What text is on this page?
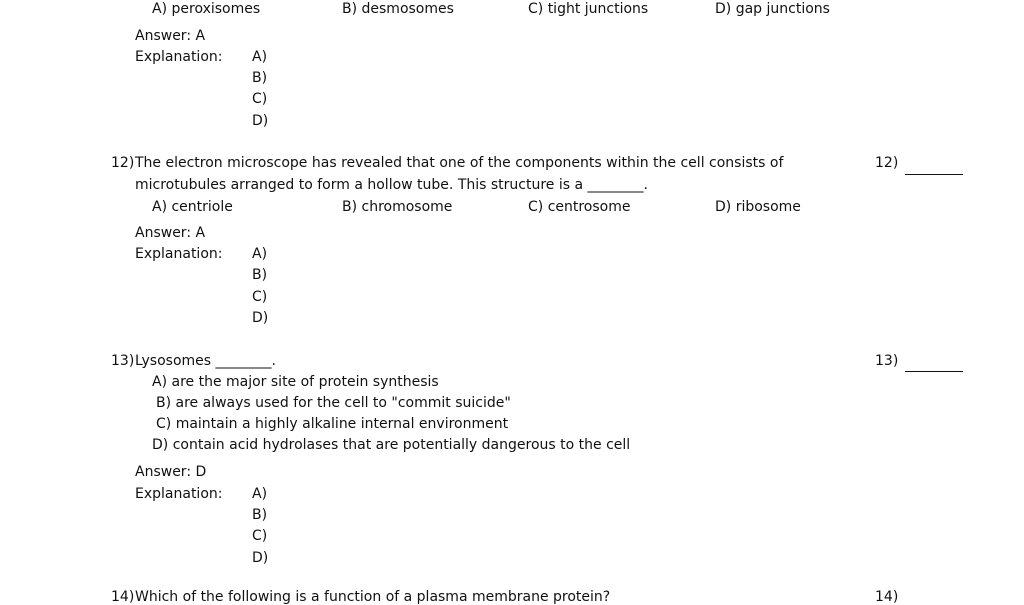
A) peroxisomes	B) desmosomes	C) tight junctions	D) gap junctions
Answer: A
Explanation: A)
B)
C)
D)
12) The electron microscope has revealed that one of the components within the cell consists of
microtubules arranged to form a hollow tube. This structure is a ________.
12)
A) centriole	B) chromosome	C) centrosome	D) ribosome
Answer: A
Explanation: A)
B)
C)
D)
13) Lysosomes ________.	13)
A) are the major site of protein synthesis
B) are always used for the cell to "commit suicide"
C) maintain a highly alkaline internal environment
D) contain acid hydrolases that are potentially dangerous to the cell
Answer: D
Explanation: A)
B)
C)
D)
14) Which of the following is a function of a plasma membrane protein?	14)
